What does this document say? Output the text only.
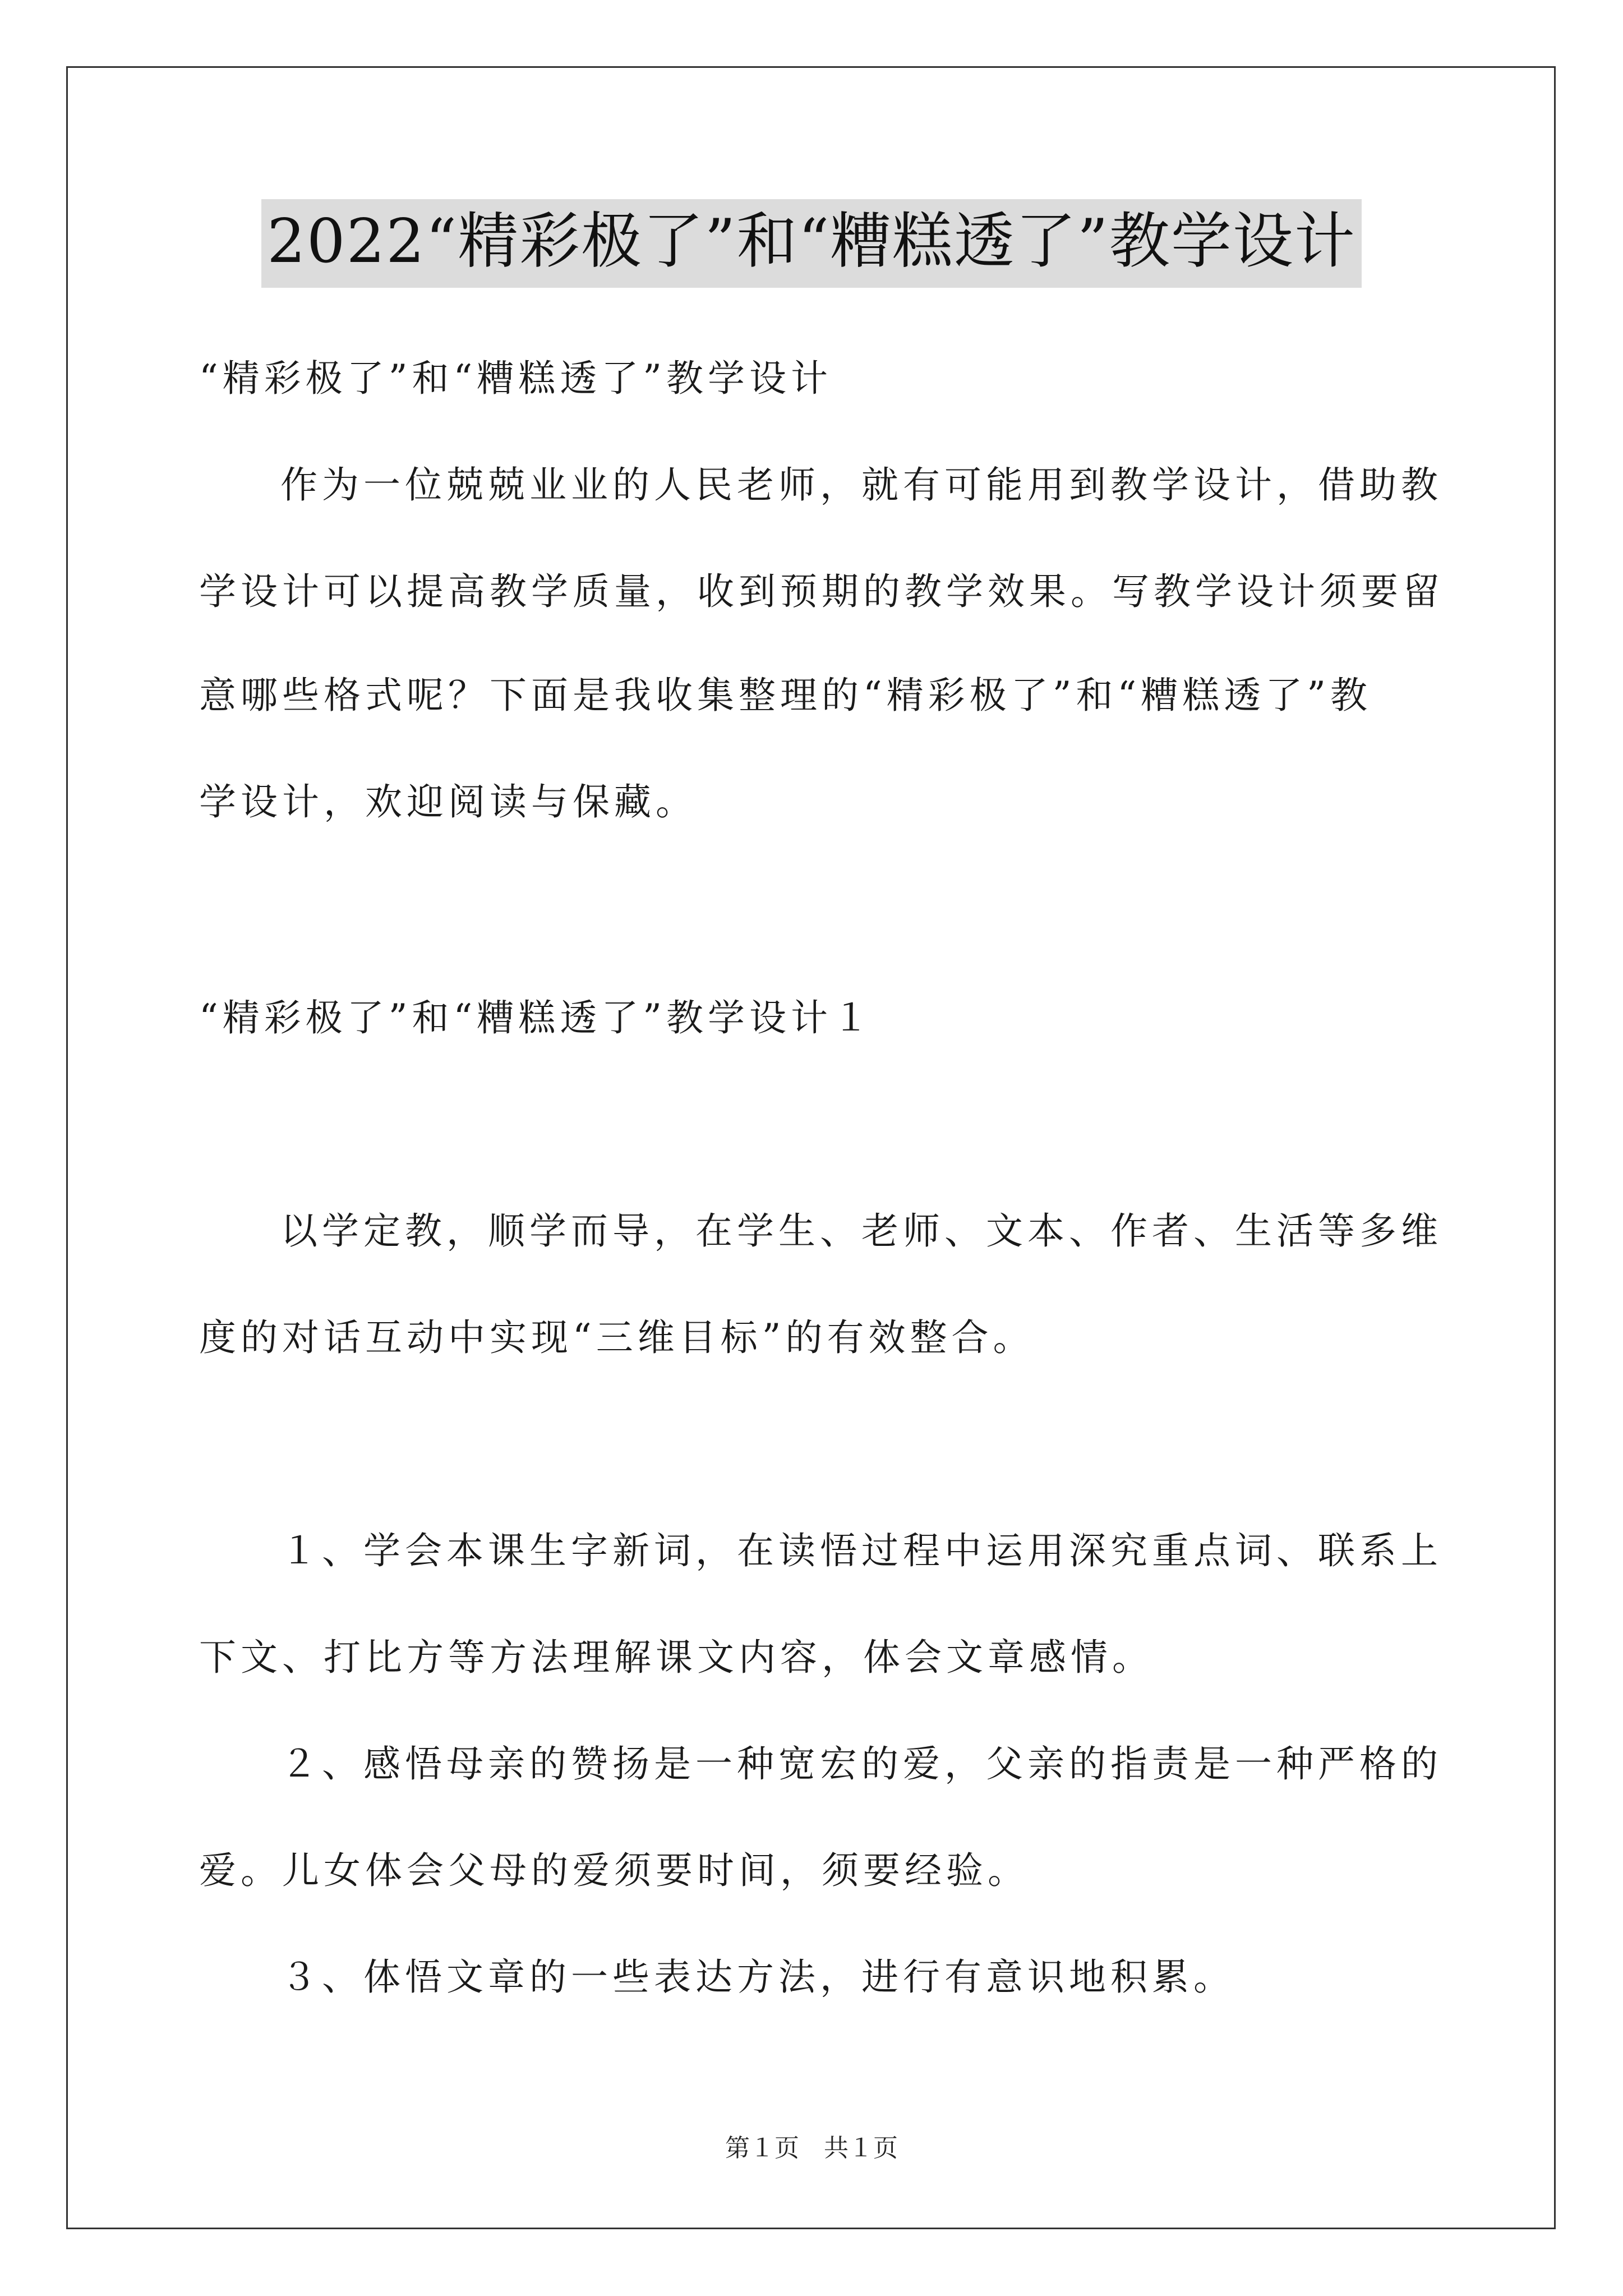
2022“精彩极了”和“糟糕透了”教学设计
“精彩极了”和“糟糕透了”教学设计
作为一位兢兢业业的人民老师，就有可能用到教学设计，借助教
学设计可以提高教学质量，收到预期的教学效果。写教学设计须要留
意哪些格式呢？下面是我收集整理的“精彩极了”和“糟糕透了”教
学设计，欢迎阅读与保藏。
“精彩极了”和“糟糕透了”教学设计１
以学定教，顺学而导，在学生、老师、文本、作者、生活等多维
度的对话互动中实现“三维目标”的有效整合。
１、学会本课生字新词，在读悟过程中运用深究重点词、联系上
下文、打比方等方法理解课文内容，体会文章感情。
２、感悟母亲的赞扬是一种宽宏的爱，父亲的指责是一种严格的
爱。儿女体会父母的爱须要时间，须要经验。
３、体悟文章的一些表达方法，进行有意识地积累。
第１页　共１页
